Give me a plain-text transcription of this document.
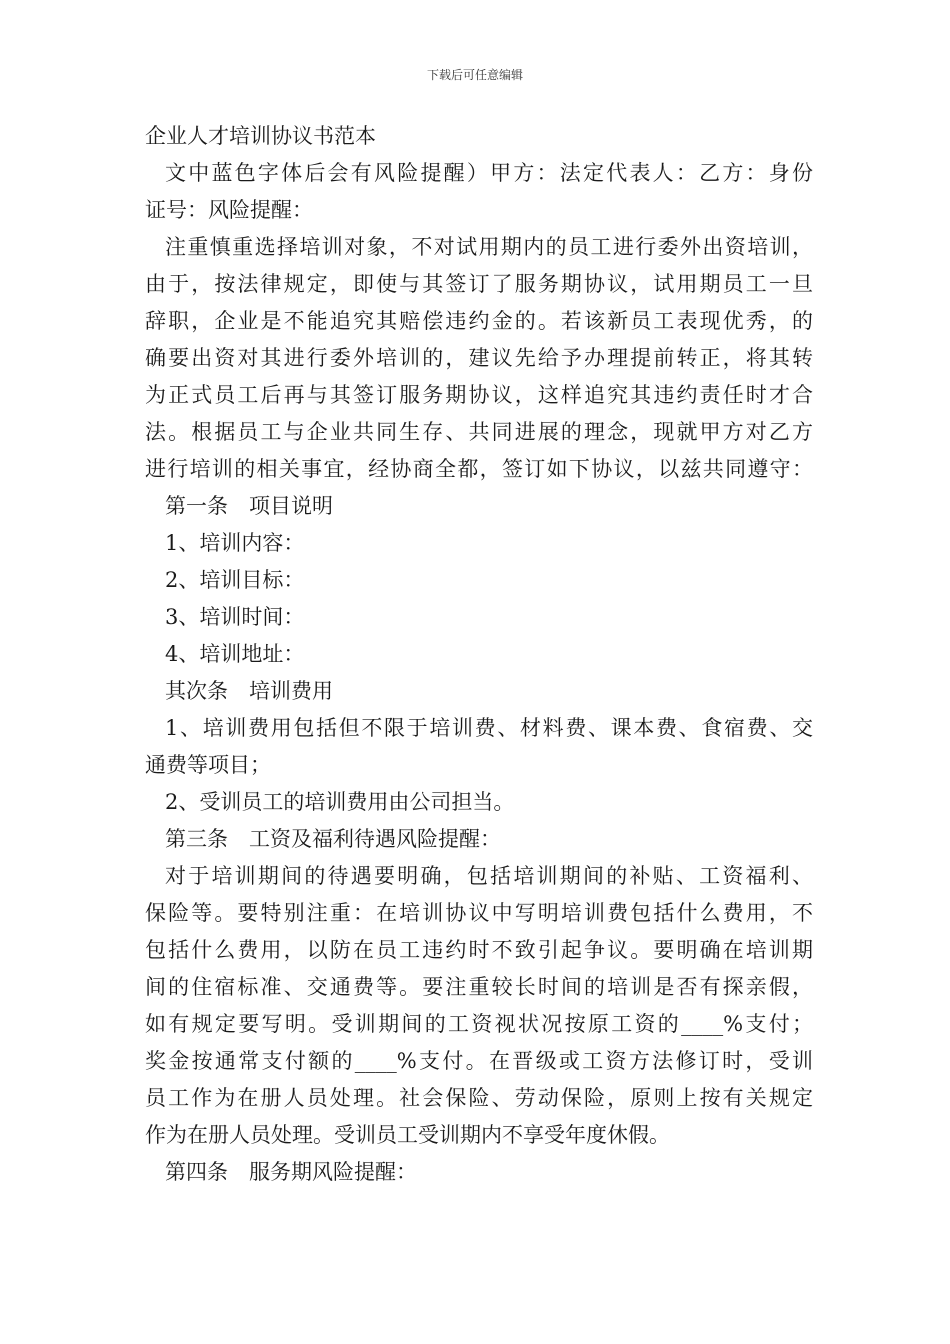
下载后可任意编辑
企业人才培训协议书范本

文中蓝色字体后会有风险提醒）甲方：法定代表人：乙方：身份

证号：风险提醒：

注重慎重选择培训对象，不对试用期内的员工进行委外出资培训，

由于，按法律规定，即使与其签订了服务期协议，试用期员工一旦

辞职，企业是不能追究其赔偿违约金的。若该新员工表现优秀，的

确要出资对其进行委外培训的，建议先给予办理提前转正，将其转

为正式员工后再与其签订服务期协议，这样追究其违约责任时才合

法。根据员工与企业共同生存、共同进展的理念，现就甲方对乙方

进行培训的相关事宜，经协商全都，签订如下协议，以兹共同遵守：

第一条　项目说明

1、培训内容：

2、培训目标：

3、培训时间：

4、培训地址：

其次条　培训费用

1、培训费用包括但不限于培训费、材料费、课本费、食宿费、交

通费等项目；

2、受训员工的培训费用由公司担当。

第三条　工资及福利待遇风险提醒：

对于培训期间的待遇要明确，包括培训期间的补贴、工资福利、

保险等。要特别注重：在培训协议中写明培训费包括什么费用，不

包括什么费用，以防在员工违约时不致引起争议。要明确在培训期

间的住宿标准、交通费等。要注重较长时间的培训是否有探亲假，

如有规定要写明。受训期间的工资视状况按原工资的____%支付；

奖金按通常支付额的____%支付。在晋级或工资方法修订时，受训

员工作为在册人员处理。社会保险、劳动保险，原则上按有关规定

作为在册人员处理。受训员工受训期内不享受年度休假。

第四条　服务期风险提醒：
